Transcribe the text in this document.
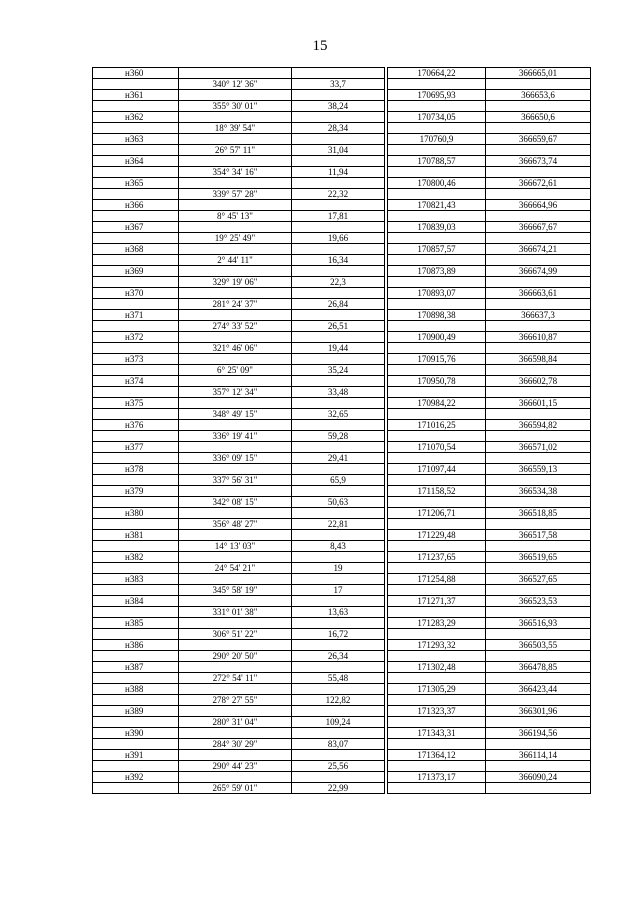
15
н360				170664,22	366665,01
	340° 12' 36"	33,7			
н361				170695,93	366653,6
	355° 30' 01"	38,24			
н362				170734,05	366650,6
	18° 39' 54"	28,34			
н363				170760,9	366659,67
	26° 57' 11"	31,04			
н364				170788,57	366673,74
	354° 34' 16"	11,94			
н365				170800,46	366672,61
	339° 57' 28"	22,32			
н366				170821,43	366664,96
	8° 45' 13"	17,81			
н367				170839,03	366667,67
	19° 25' 49"	19,66			
н368				170857,57	366674,21
	2° 44' 11"	16,34			
н369				170873,89	366674,99
	329° 19' 06"	22,3			
н370				170893,07	366663,61
	281° 24' 37"	26,84			
н371				170898,38	366637,3
	274° 33' 52"	26,51			
н372				170900,49	366610,87
	321° 46' 06"	19,44			
н373				170915,76	366598,84
	6° 25' 09"	35,24			
н374				170950,78	366602,78
	357° 12' 34"	33,48			
н375				170984,22	366601,15
	348° 49' 15"	32,65			
н376				171016,25	366594,82
	336° 19' 41"	59,28			
н377				171070,54	366571,02
	336° 09' 15"	29,41			
н378				171097,44	366559,13
	337° 56' 31"	65,9			
н379				171158,52	366534,38
	342° 08' 15"	50,63			
н380				171206,71	366518,85
	356° 48' 27"	22,81			
н381				171229,48	366517,58
	14° 13' 03"	8,43			
н382				171237,65	366519,65
	24° 54' 21"	19			
н383				171254,88	366527,65
	345° 58' 19"	17			
н384				171271,37	366523,53
	331° 01' 38"	13,63			
н385				171283,29	366516,93
	306° 51' 22"	16,72			
н386				171293,32	366503,55
	290° 20' 50"	26,34			
н387				171302,48	366478,85
	272° 54' 11"	55,48			
н388				171305,29	366423,44
	278° 27' 55"	122,82			
н389				171323,37	366301,96
	280° 31' 04"	109,24			
н390				171343,31	366194,56
	284° 30' 29"	83,07			
н391				171364,12	366114,14
	290° 44' 23"	25,56			
н392				171373,17	366090,24
	265° 59' 01"	22,99			
